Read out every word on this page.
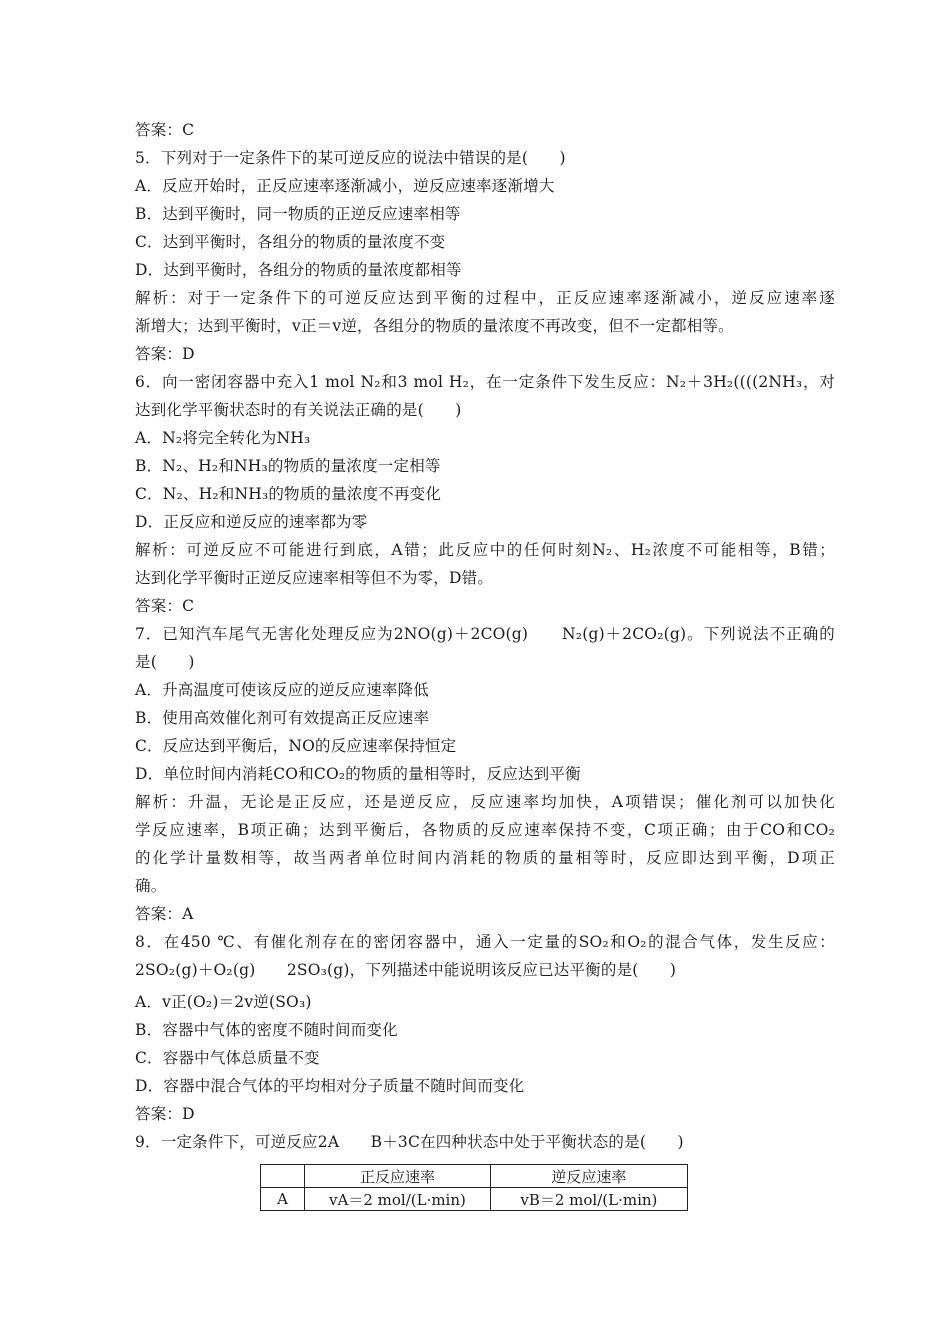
答案：C
5．下列对于一定条件下的某可逆反应的说法中错误的是(　　)
A．反应开始时，正反应速率逐渐减小，逆反应速率逐渐增大
B．达到平衡时，同一物质的正逆反应速率相等
C．达到平衡时，各组分的物质的量浓度不变
D．达到平衡时，各组分的物质的量浓度都相等
解析：对于一定条件下的可逆反应达到平衡的过程中，正反应速率逐渐减小，逆反应速率逐
渐增大；达到平衡时，v正＝v逆，各组分的物质的量浓度不再改变，但不一定都相等。
答案：D
6．向一密闭容器中充入1 mol N₂和3 mol H₂，在一定条件下发生反应：N₂＋3H₂((((2NH₃，对
达到化学平衡状态时的有关说法正确的是(　　)
A．N₂将完全转化为NH₃
B．N₂、H₂和NH₃的物质的量浓度一定相等
C．N₂、H₂和NH₃的物质的量浓度不再变化
D．正反应和逆反应的速率都为零
解析：可逆反应不可能进行到底，A错；此反应中的任何时刻N₂、H₂浓度不可能相等，B错；
达到化学平衡时正逆反应速率相等但不为零，D错。
答案：C
7．已知汽车尾气无害化处理反应为2NO(g)＋2CO(g)　　N₂(g)＋2CO₂(g)。下列说法不正确的
是(　　)
A．升高温度可使该反应的逆反应速率降低
B．使用高效催化剂可有效提高正反应速率
C．反应达到平衡后，NO的反应速率保持恒定
D．单位时间内消耗CO和CO₂的物质的量相等时，反应达到平衡
解析：升温，无论是正反应，还是逆反应，反应速率均加快，A项错误；催化剂可以加快化
学反应速率，B项正确；达到平衡后，各物质的反应速率保持不变，C项正确；由于CO和CO₂
的化学计量数相等，故当两者单位时间内消耗的物质的量相等时，反应即达到平衡，D项正
确。
答案：A
8．在450 ℃、有催化剂存在的密闭容器中，通入一定量的SO₂和O₂的混合气体，发生反应：
2SO₂(g)＋O₂(g)　　2SO₃(g)，下列描述中能说明该反应已达平衡的是(　　)
A．v正(O₂)＝2v逆(SO₃)
B．容器中气体的密度不随时间而变化
C．容器中气体总质量不变
D．容器中混合气体的平均相对分子质量不随时间而变化
答案：D
9．一定条件下，可逆反应2A　　B＋3C在四种状态中处于平衡状态的是(　　)
	正反应速率	逆反应速率
A	vA＝2 mol/(L·min)	vB＝2 mol/(L·min)
